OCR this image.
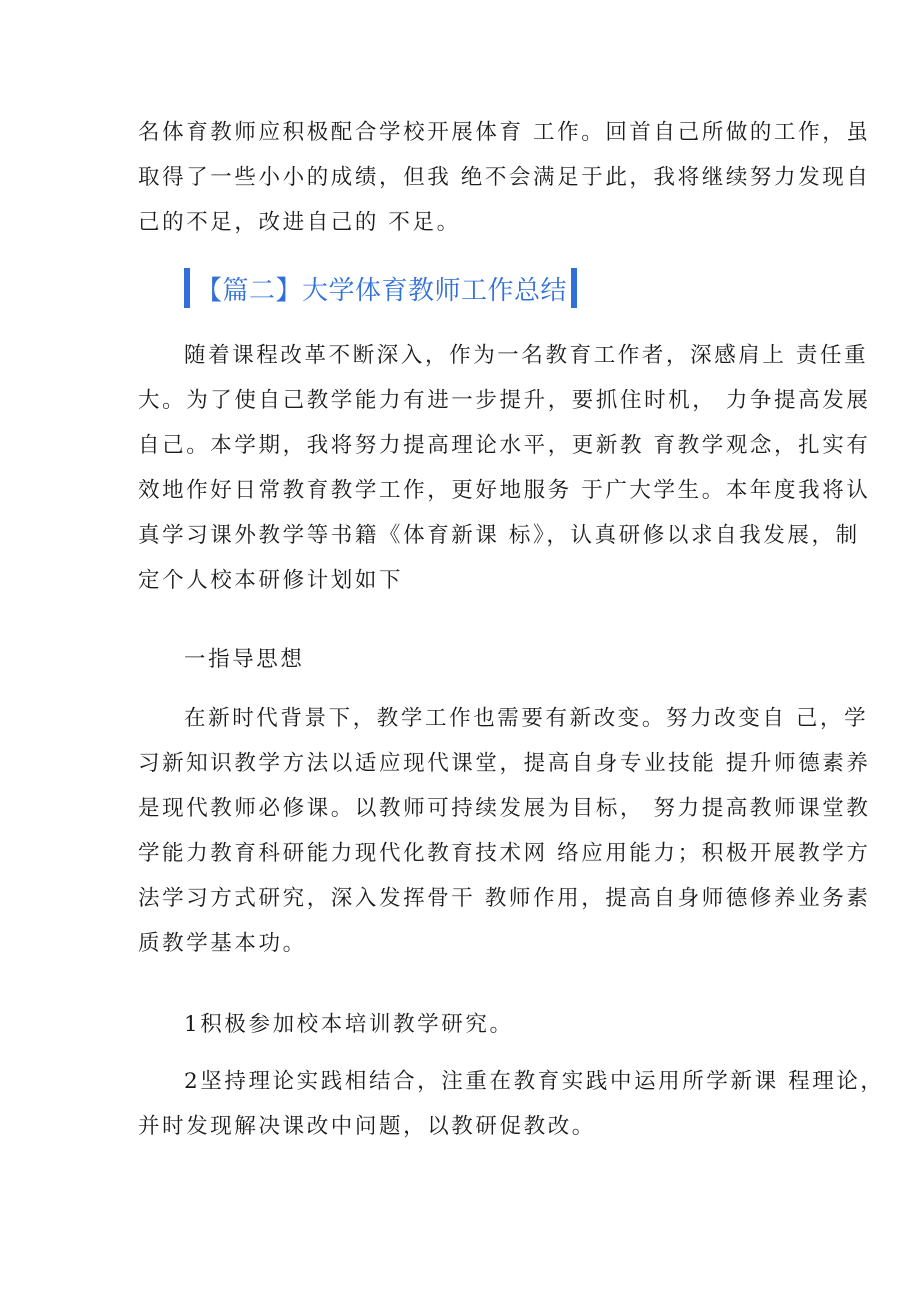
名体育教师应积极配合学校开展体育 工作。回首自己所做的工作，虽
取得了一些小小的成绩，但我 绝不会满足于此，我将继续努力发现自
己的不足，改进自己的 不足。

【篇二】大学体育教师工作总结

随着课程改革不断深入，作为一名教育工作者，深感肩上 责任重
大。为了使自己教学能力有进一步提升，要抓住时机， 力争提高发展
自己。本学期，我将努力提高理论水平，更新教 育教学观念，扎实有
效地作好日常教育教学工作，更好地服务 于广大学生。本年度我将认
真学习课外教学等书籍《体育新课 标》，认真研修以求自我发展，制
定个人校本研修计划如下

一指导思想

在新时代背景下，教学工作也需要有新改变。努力改变自 己，学
习新知识教学方法以适应现代课堂，提高自身专业技能 提升师德素养
是现代教师必修课。以教师可持续发展为目标， 努力提高教师课堂教
学能力教育科研能力现代化教育技术网 络应用能力；积极开展教学方
法学习方式研究，深入发挥骨干 教师作用，提高自身师德修养业务素
质教学基本功。

1积极参加校本培训教学研究。

2坚持理论实践相结合，注重在教育实践中运用所学新课 程理论，
并时发现解决课改中问题，以教研促教改。
